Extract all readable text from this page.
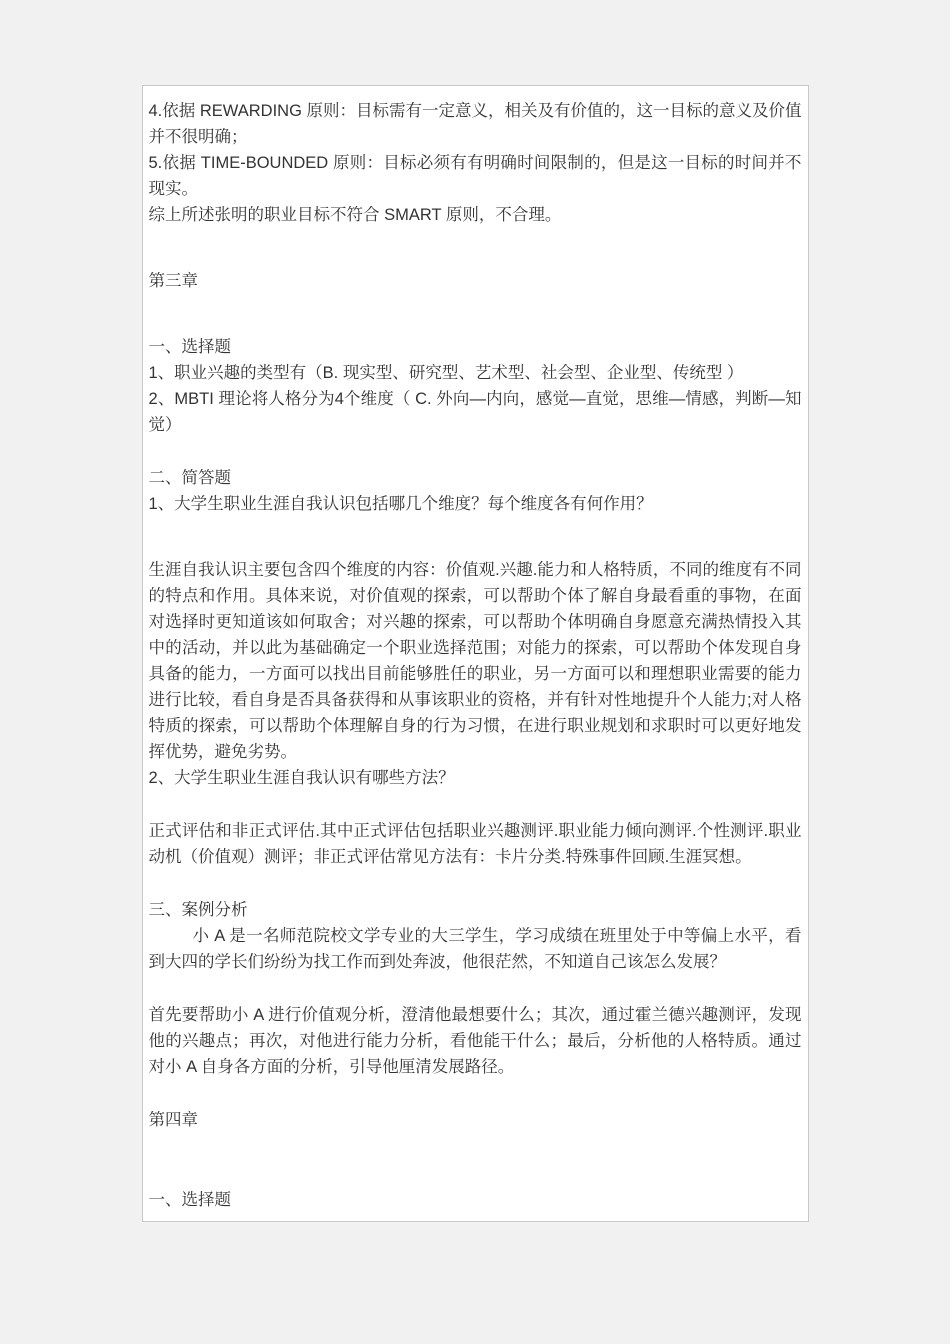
4.依据 REWARDING 原则：目标需有一定意义，相关及有价值的，这一目标的意义及价值并不很明确；

5.依据 TIME-BOUNDED 原则：目标必须有有明确时间限制的，但是这一目标的时间并不现实。

综上所述张明的职业目标不符合 SMART 原则，不合理。

第三章

一、选择题

1、职业兴趣的类型有（B. 现实型、研究型、艺术型、社会型、企业型、传统型 ）

2、MBTI 理论将人格分为4个维度（ C. 外向—内向，感觉—直觉，思维—情感，判断—知觉）

二、简答题

1、大学生职业生涯自我认识包括哪几个维度？每个维度各有何作用？

生涯自我认识主要包含四个维度的内容：价值观.兴趣.能力和人格特质，不同的维度有不同的特点和作用。具体来说，对价值观的探索，可以帮助个体了解自身最看重的事物，在面对选择时更知道该如何取舍；对兴趣的探索，可以帮助个体明确自身愿意充满热情投入其中的活动，并以此为基础确定一个职业选择范围；对能力的探索，可以帮助个体发现自身具备的能力，一方面可以找出目前能够胜任的职业，另一方面可以和理想职业需要的能力进行比较，看自身是否具备获得和从事该职业的资格，并有针对性地提升个人能力;对人格特质的探索，可以帮助个体理解自身的行为习惯，在进行职业规划和求职时可以更好地发挥优势，避免劣势。

2、大学生职业生涯自我认识有哪些方法？

正式评估和非正式评估.其中正式评估包括职业兴趣测评.职业能力倾向测评.个性测评.职业动机（价值观）测评；非正式评估常见方法有：卡片分类.特殊事件回顾.生涯冥想。

三、案例分析

小 A 是一名师范院校文学专业的大三学生，学习成绩在班里处于中等偏上水平，看到大四的学长们纷纷为找工作而到处奔波，他很茫然，不知道自己该怎么发展？

首先要帮助小 A 进行价值观分析，澄清他最想要什么；其次，通过霍兰德兴趣测评，发现他的兴趣点；再次，对他进行能力分析，看他能干什么；最后，分析他的人格特质。通过对小 A 自身各方面的分析，引导他厘清发展路径。

第四章

一、选择题
